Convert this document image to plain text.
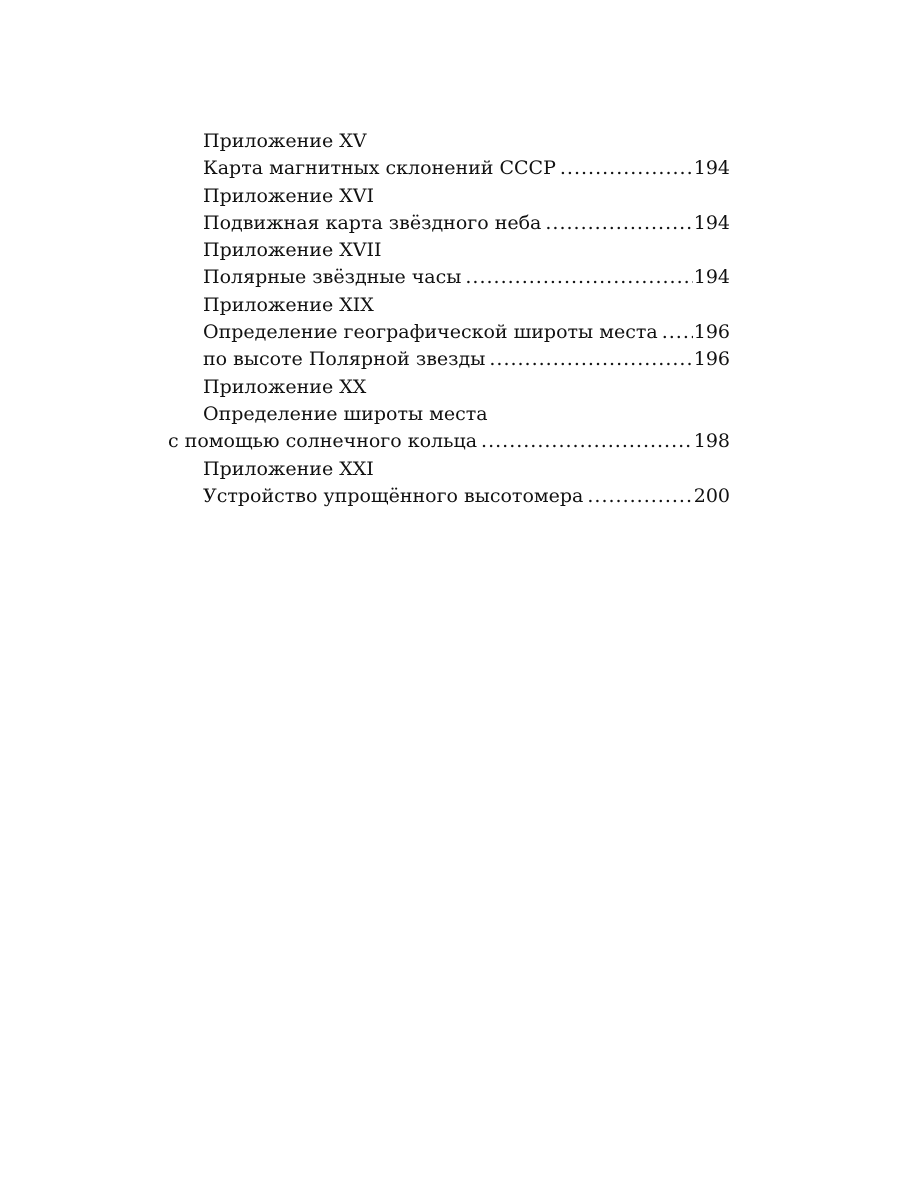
Приложение XV
Карта магнитных склонений СССР .....	194
Приложение XVI
Подвижная карта звёздного неба .....	194
Приложение XVII
Полярные звёздные часы .....	194
Приложение XIX
Определение географической широты места ..... 196
по высоте Полярной звезды .....	196
Приложение XX
Определение широты места
с помощью солнечного кольца .....	198
Приложение XXI
Устройство упрощённого высотомера .....	200
